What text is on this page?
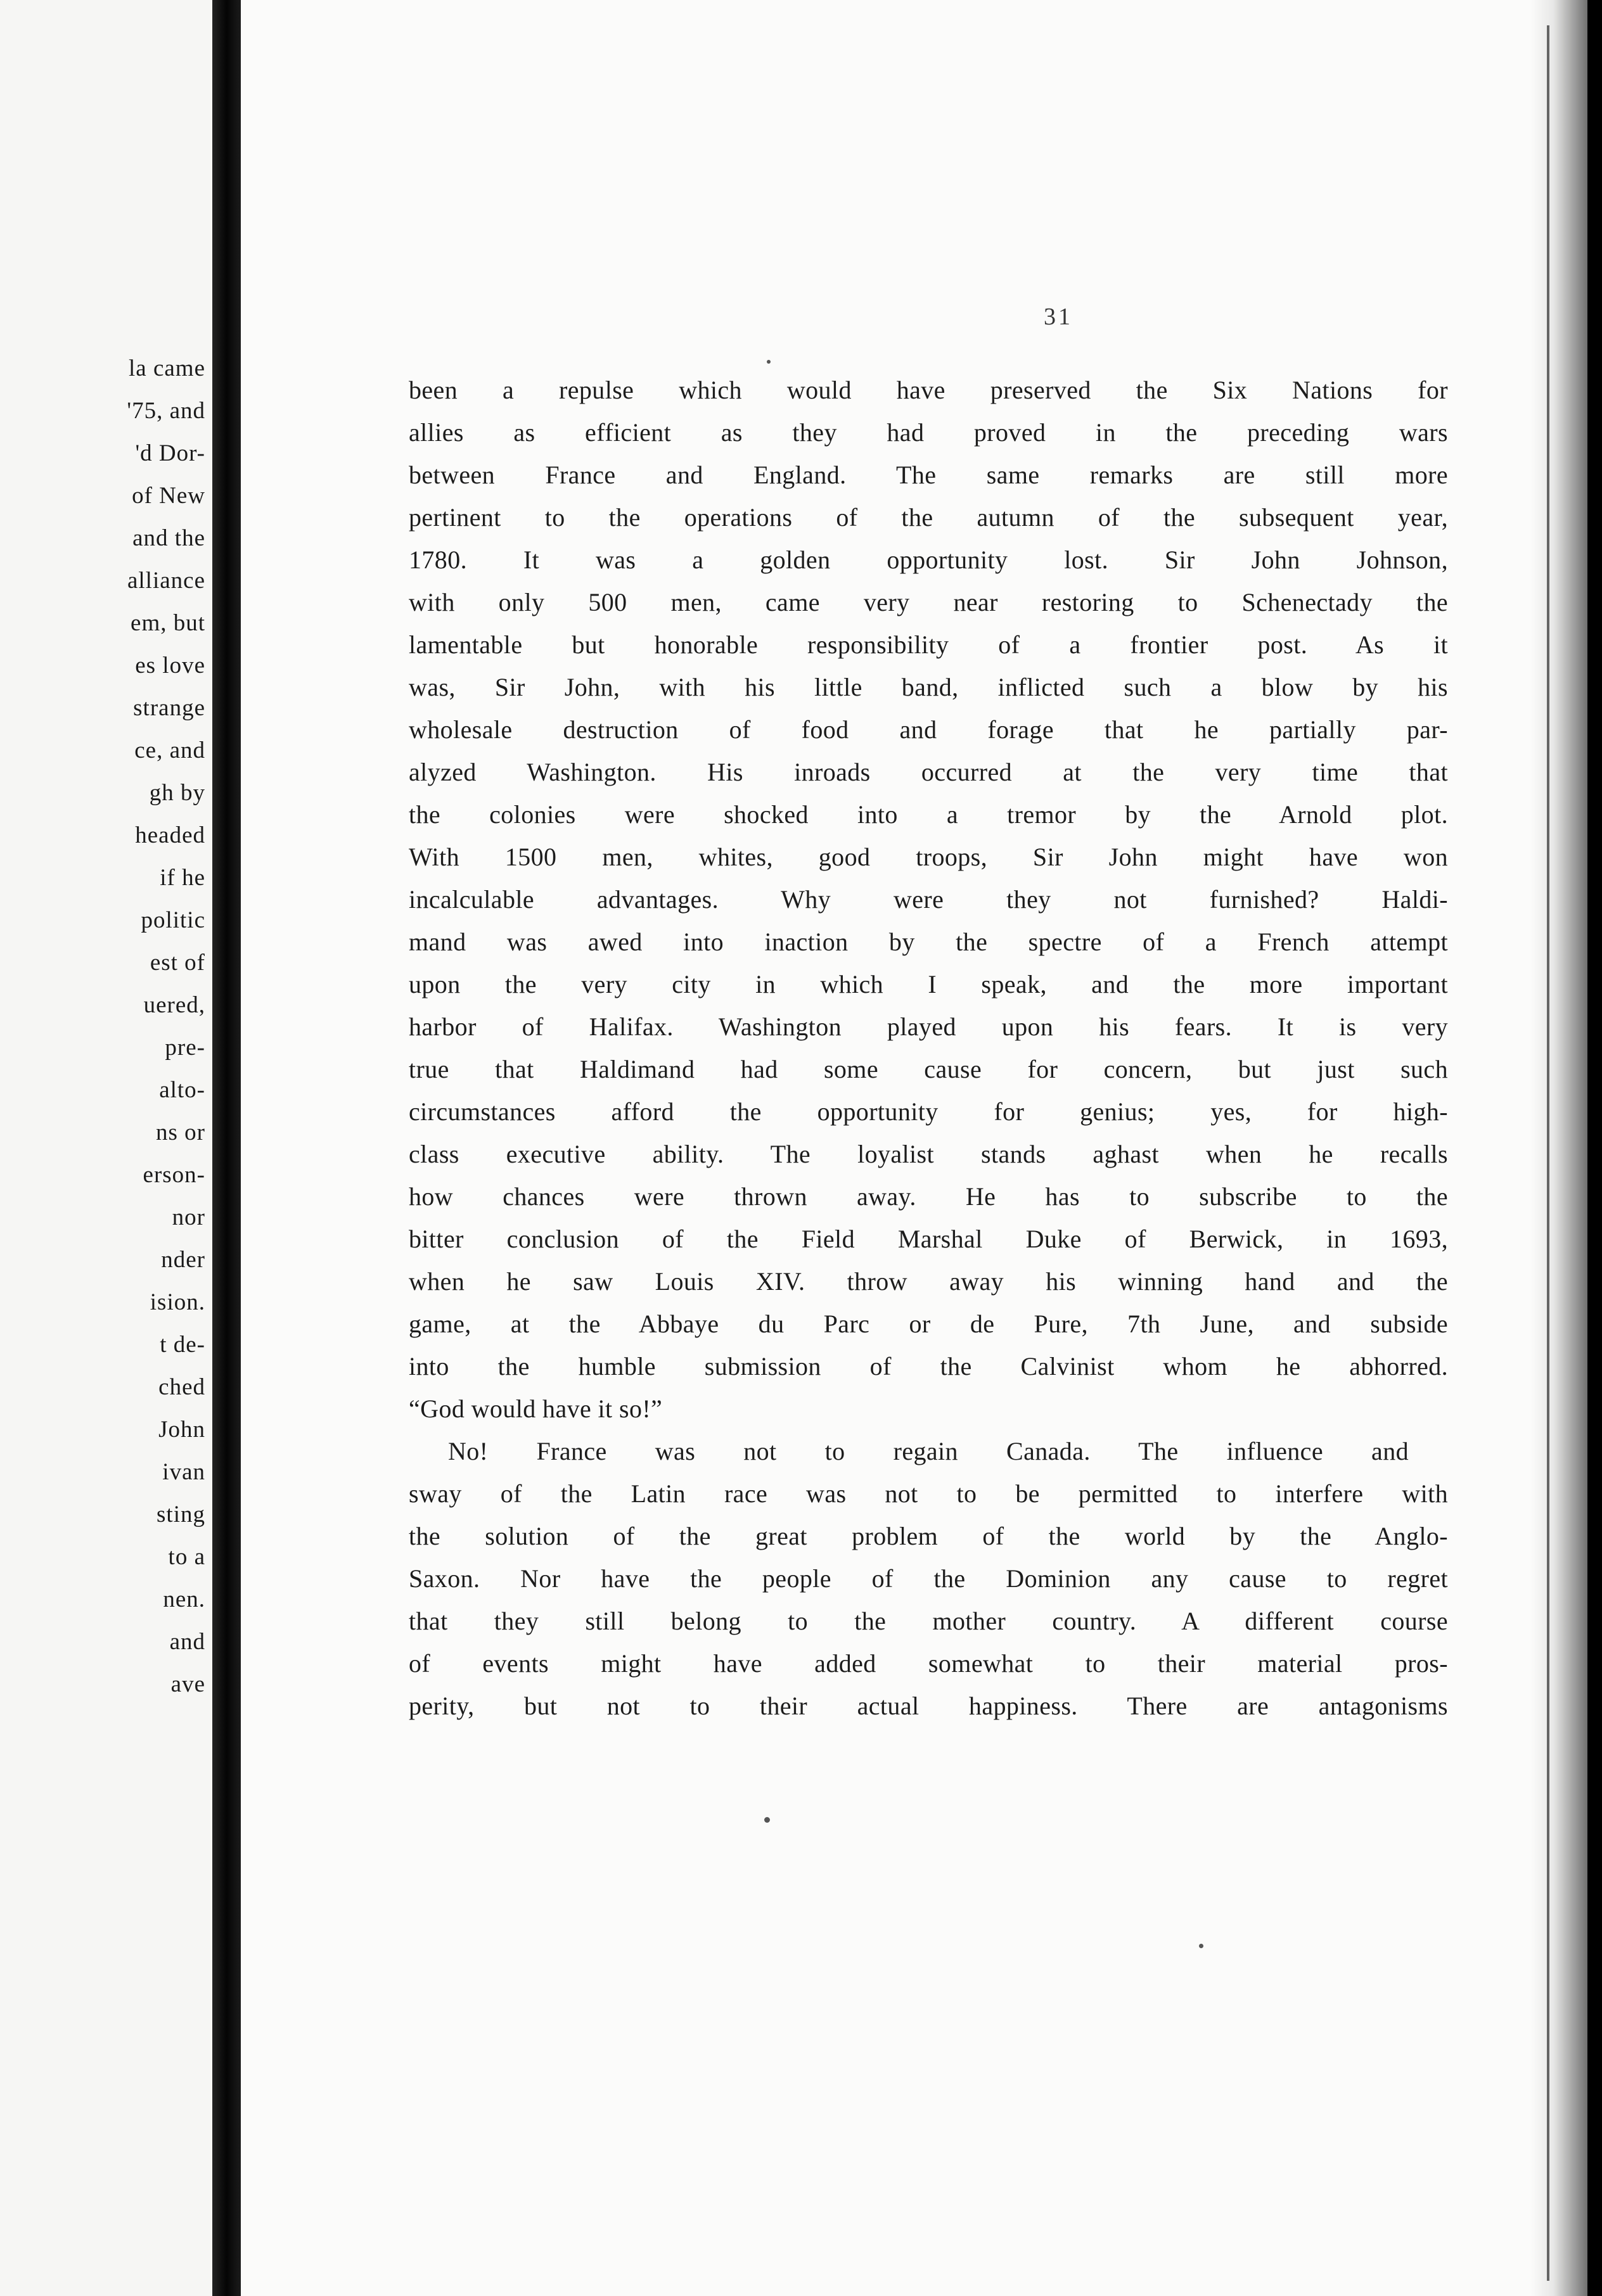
la came
'75, and
'd Dor-
of New
and the
alliance
em, but
es love
strange
ce, and
gh by
headed
if he
politic
est of
uered,
pre-
alto-
ns or
erson-
nor
nder
ision.
t de-
ched
John
ivan
sting
to a
nen.
and
ave
31
been a repulse which would have preserved the Six Nations for
allies as efficient as they had proved in the preceding wars
between France and England. The same remarks are still more
pertinent to the operations of the autumn of the subsequent year,
1780. It was a golden opportunity lost. Sir John Johnson,
with only 500 men, came very near restoring to Schenectady the
lamentable but honorable responsibility of a frontier post. As it
was, Sir John, with his little band, inflicted such a blow by his
wholesale destruction of food and forage that he partially par-
alyzed Washington. His inroads occurred at the very time that
the colonies were shocked into a tremor by the Arnold plot.
With 1500 men, whites, good troops, Sir John might have won
incalculable advantages. Why were they not furnished? Haldi-
mand was awed into inaction by the spectre of a French attempt
upon the very city in which I speak, and the more important
harbor of Halifax. Washington played upon his fears. It is very
true that Haldimand had some cause for concern, but just such
circumstances afford the opportunity for genius; yes, for high-
class executive ability. The loyalist stands aghast when he recalls
how chances were thrown away. He has to subscribe to the
bitter conclusion of the Field Marshal Duke of Berwick, in 1693,
when he saw Louis XIV. throw away his winning hand and the
game, at the Abbaye du Parc or de Pure, 7th June, and subside
into the humble submission of the Calvinist whom he abhorred.
“God would have it so!”
No! France was not to regain Canada. The influence and
sway of the Latin race was not to be permitted to interfere with
the solution of the great problem of the world by the Anglo-
Saxon. Nor have the people of the Dominion any cause to regret
that they still belong to the mother country. A different course
of events might have added somewhat to their material pros-
perity, but not to their actual happiness. There are antagonisms
